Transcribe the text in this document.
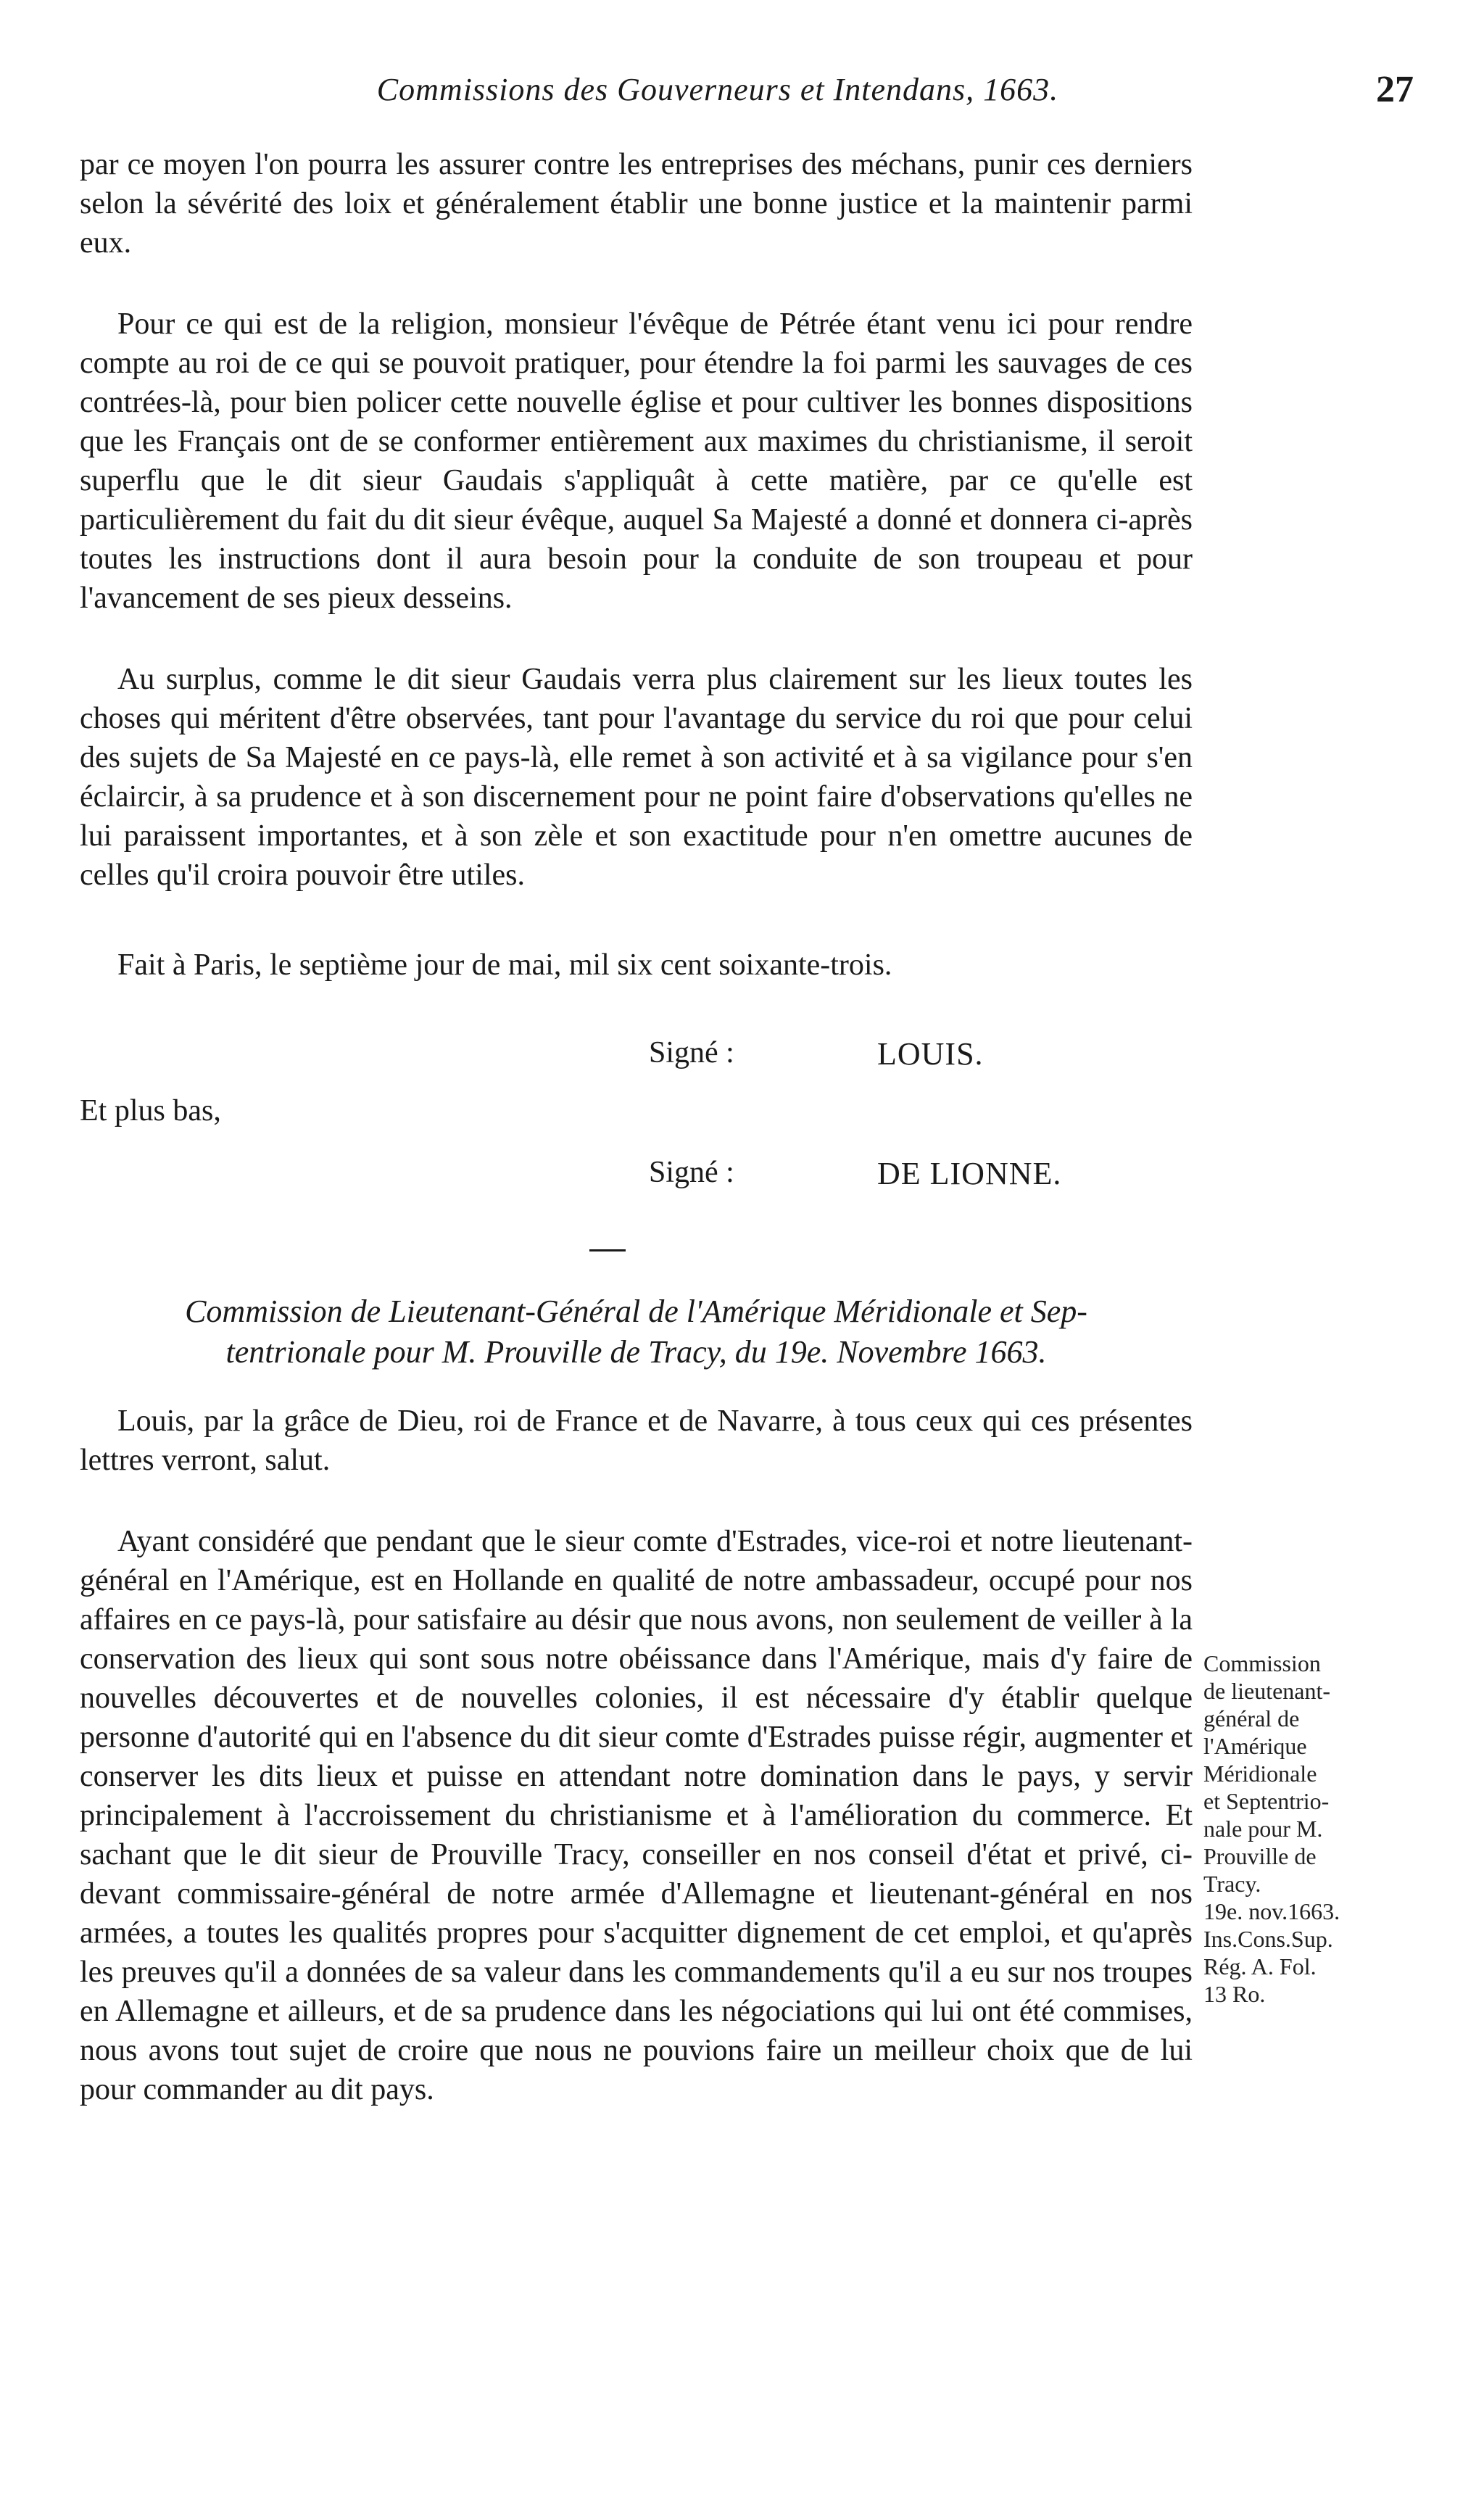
Commissions des Gouverneurs et Intendans, 1663.	27

par ce moyen l'on pourra les assurer contre les entreprises des méchans, punir ces derniers selon la sévérité des loix et généralement établir une bonne justice et la maintenir parmi eux.

Pour ce qui est de la religion, monsieur l'évêque de Pétrée étant venu ici pour rendre compte au roi de ce qui se pouvoit pratiquer, pour étendre la foi parmi les sauvages de ces contrées-là, pour bien policer cette nouvelle église et pour cultiver les bonnes dispositions que les Français ont de se conformer entièrement aux maximes du christianisme, il seroit superflu que le dit sieur Gaudais s'appliquât à cette matière, par ce qu'elle est particulièrement du fait du dit sieur évêque, auquel Sa Majesté a donné et donnera ci-après toutes les instructions dont il aura besoin pour la conduite de son troupeau et pour l'avancement de ses pieux desseins.

Au surplus, comme le dit sieur Gaudais verra plus clairement sur les lieux toutes les choses qui méritent d'être observées, tant pour l'avantage du service du roi que pour celui des sujets de Sa Majesté en ce pays-là, elle remet à son activité et à sa vigilance pour s'en éclaircir, à sa prudence et à son discernement pour ne point faire d'observations qu'elles ne lui paraissent importantes, et à son zèle et son exactitude pour n'en omettre aucunes de celles qu'il croira pouvoir être utiles.

Fait à Paris, le septième jour de mai, mil six cent soixante-trois.
Signé :	LOUIS.
Et plus bas,
Signé :	DE LIONNE.
Commission de Lieutenant-Général de l'Amérique Méridionale et Sep-
tentrionale pour M. Prouville de Tracy, du 19e. Novembre 1663.

Louis, par la grâce de Dieu, roi de France et de Navarre, à tous ceux qui ces présentes lettres verront, salut.

Ayant considéré que pendant que le sieur comte d'Estrades, vice-roi et notre lieutenant-général en l'Amérique, est en Hollande en qualité de notre ambassadeur, occupé pour nos affaires en ce pays-là, pour satisfaire au désir que nous avons, non seulement de veiller à la conservation des lieux qui sont sous notre obéissance dans l'Amérique, mais d'y faire de nouvelles découvertes et de nouvelles colonies, il est nécessaire d'y établir quelque personne d'autorité qui en l'absence du dit sieur comte d'Estrades puisse régir, augmenter et conserver les dits lieux et puisse en attendant notre domination dans le pays, y servir principalement à l'accroissement du christianisme et à l'amélioration du commerce. Et sachant que le dit sieur de Prouville Tracy, conseiller en nos conseil d'état et privé, ci-devant commissaire-général de notre armée d'Allemagne et lieutenant-général en nos armées, a toutes les qualités propres pour s'acquitter dignement de cet emploi, et qu'après les preuves qu'il a données de sa valeur dans les commandements qu'il a eu sur nos troupes en Allemagne et ailleurs, et de sa prudence dans les négociations qui lui ont été commises, nous avons tout sujet de croire que nous ne pouvions faire un meilleur choix que de lui pour commander au dit pays.

Commission
de lieutenant-
général de
l'Amérique
Méridionale
et Septentrio-
nale pour M.
Prouville de
Tracy.
19e. nov.1663.
Ins.Cons.Sup.
Rég. A. Fol.
13 Ro.
